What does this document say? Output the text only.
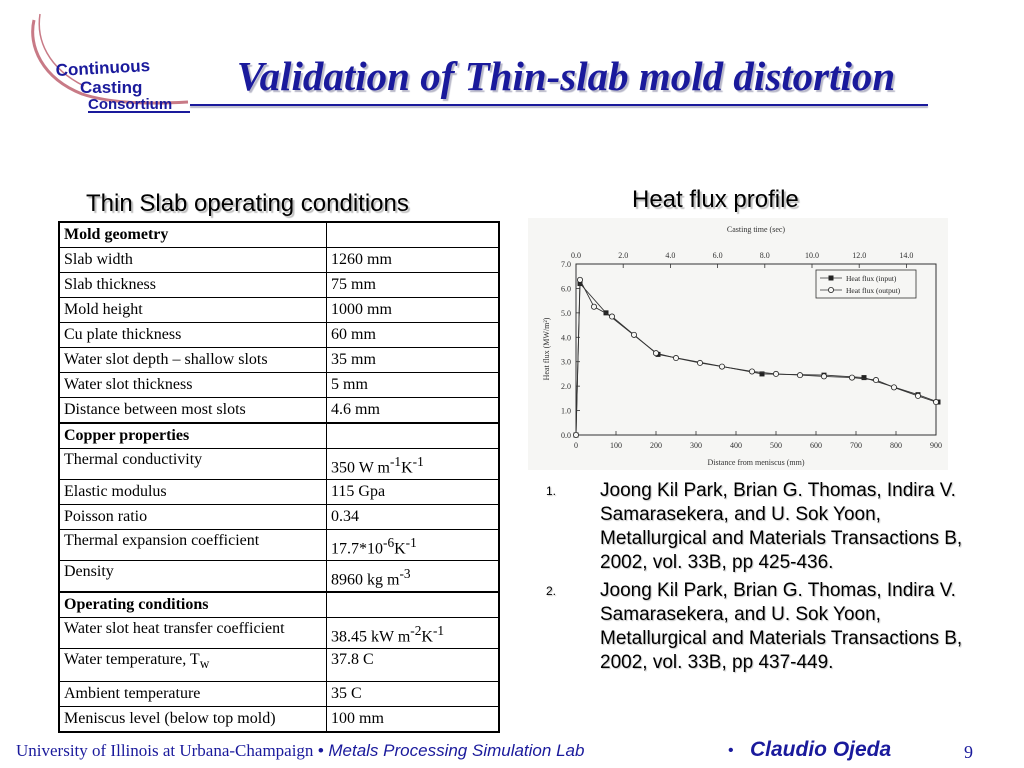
Continuous
Casting
Consortium
Validation of Thin-slab mold distortion
Thin Slab operating conditions	Heat flux profile
Mold geometry	
Slab width	1260 mm
Slab thickness	75 mm
Mold height	1000 mm
Cu plate thickness	60 mm
Water slot depth – shallow slots	35 mm
Water slot thickness	5 mm
Distance between most slots	4.6 mm
Copper properties	
Thermal conductivity	350 W $m^{-1}K^{-1}$
Elastic modulus	115 Gpa
Poisson ratio	0.34
Thermal expansion coefficient	$17.7*10^{-6}K^{-1}$
Density	8960 kg $m^{-3}$
Operating conditions	
Water slot heat transfer coefficient	38.45 kW $m^{-2}K^{-1}$
Water temperature, $T_w$	37.8 C
Ambient temperature	35 C
Meniscus level (below top mold)	100 mm
0	100	200	300	400	500	600	700	800	900
0.0
1.0
2.0
3.0
4.0
5.0
6.0
7.0
0.0	2.0	4.0	6.0	8.0	10.0	12.0	14.0
Casting time (sec)
Distance from meniscus (mm)
Heat flux (MW/m²)
Heat flux (input)
Heat flux (output)
1. Joong Kil Park, Brian G. Thomas, Indira V. Samarasekera, and U. Sok Yoon, Metallurgical and Materials Transactions B, 2002, vol. 33B, pp 425-436.
2. Joong Kil Park, Brian G. Thomas, Indira V. Samarasekera, and U. Sok Yoon, Metallurgical and Materials Transactions B, 2002, vol. 33B, pp 437-449.
University of Illinois at Urbana-Champaign • Metals Processing Simulation Lab	• Claudio Ojeda	9
